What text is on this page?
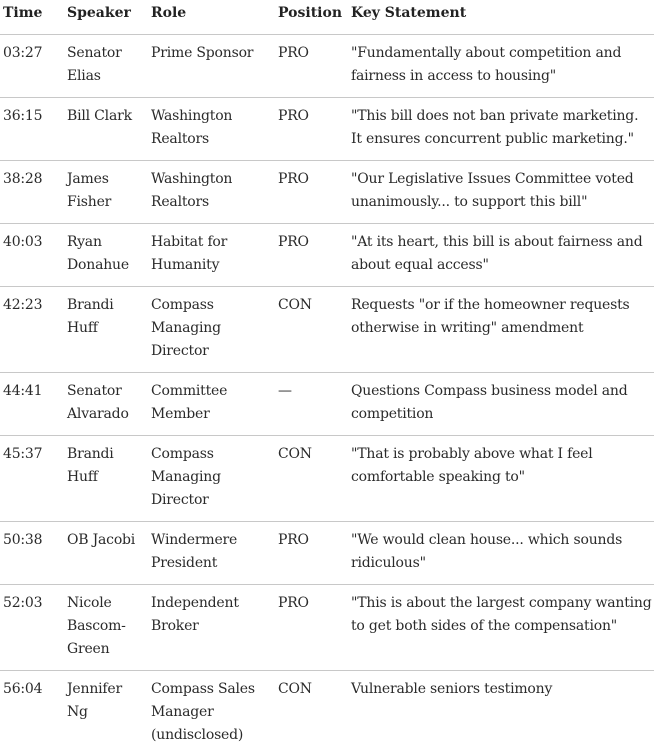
Time	Speaker	Role	Position	Key Statement
03:27	Senator Elias	Prime Sponsor	PRO	"Fundamentally about competition and fairness in access to housing"
36:15	Bill Clark	Washington Realtors	PRO	"This bill does not ban private marketing. It ensures concurrent public marketing."
38:28	James Fisher	Washington Realtors	PRO	"Our Legislative Issues Committee voted unanimously... to support this bill"
40:03	Ryan Donahue	Habitat for Humanity	PRO	"At its heart, this bill is about fairness and about equal access"
42:23	Brandi Huff	Compass Managing Director	CON	Requests "or if the homeowner requests otherwise in writing" amendment
44:41	Senator Alvarado	Committee Member	—	Questions Compass business model and competition
45:37	Brandi Huff	Compass Managing Director	CON	"That is probably above what I feel comfortable speaking to"
50:38	OB Jacobi	Windermere President	PRO	"We would clean house... which sounds ridiculous"
52:03	Nicole Bascom-Green	Independent Broker	PRO	"This is about the largest company wanting to get both sides of the compensation"
56:04	Jennifer Ng	Compass Sales Manager (undisclosed)	CON	Vulnerable seniors testimony
